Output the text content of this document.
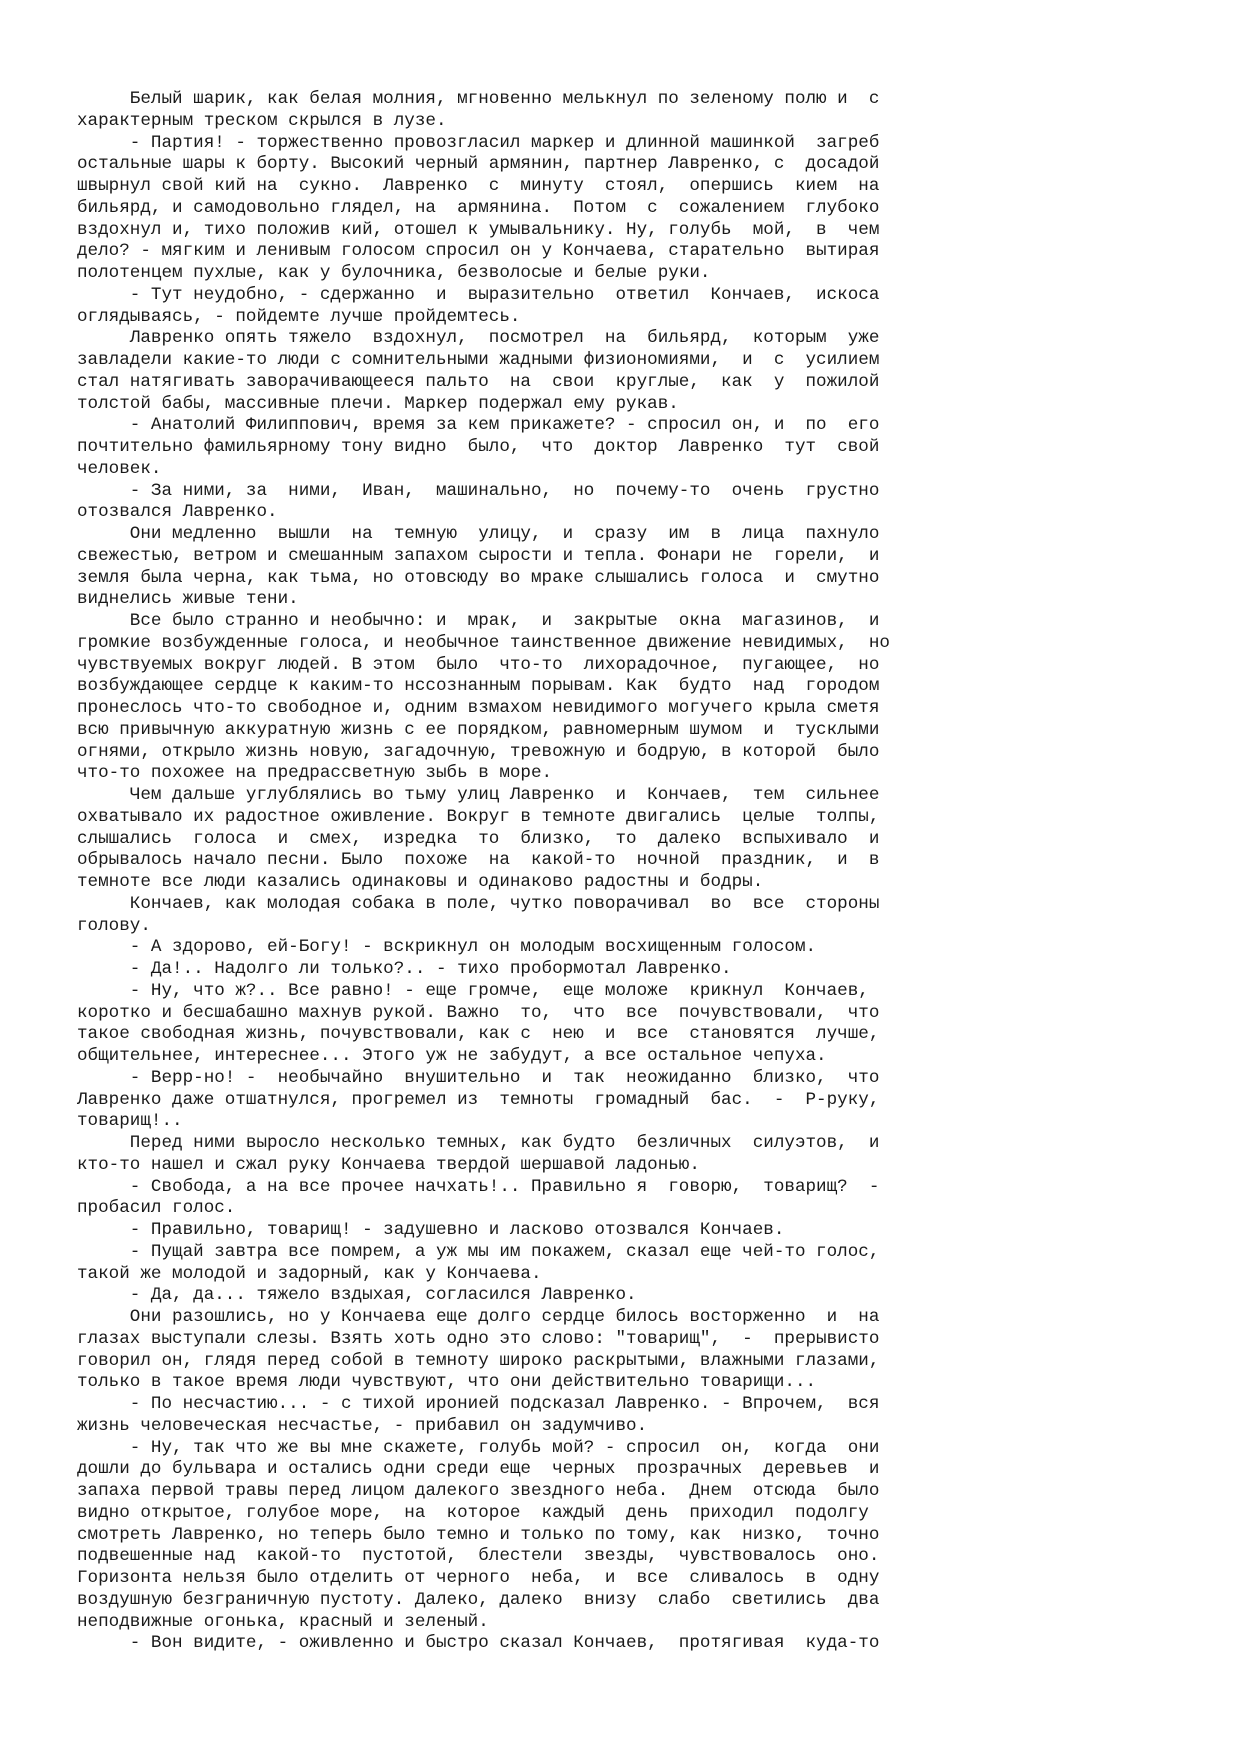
Белый шарик, как белая молния, мгновенно мелькнул по зеленому полю и  с
характерным треском скрылся в лузе.
- Партия! - торжественно провозгласил маркер и длинной машинкой  загреб
остальные шары к борту. Высокий черный армянин, партнер Лавренко, с  досадой
швырнул свой кий на  сукно.  Лавренко  с  минуту  стоял,  опершись  кием  на
бильярд, и самодовольно глядел, на  армянина.  Потом  с  сожалением  глубоко
вздохнул и, тихо положив кий, отошел к умывальнику. Ну, голубь  мой,  в  чем
дело? - мягким и ленивым голосом спросил он у Кончаева, старательно  вытирая
полотенцем пухлые, как у булочника, безволосые и белые руки.
- Тут неудобно, - сдержанно  и  выразительно  ответил  Кончаев,  искоса
оглядываясь, - пойдемте лучше пройдемтесь.
Лавренко опять тяжело  вздохнул,  посмотрел  на  бильярд,  которым  уже
завладели какие-то люди с сомнительными жадными физиономиями,  и  с  усилием
стал натягивать заворачивающееся пальто  на  свои  круглые,  как  у  пожилой
толстой бабы, массивные плечи. Маркер подержал ему рукав.
- Анатолий Филиппович, время за кем прикажете? - спросил он, и  по  его
почтительно фамильярному тону видно  было,  что  доктор  Лавренко  тут  свой
человек.
- За ними, за  ними,  Иван,  машинально,  но  почему-то  очень  грустно
отозвался Лавренко.
Они медленно  вышли  на  темную  улицу,  и  сразу  им  в  лица  пахнуло
свежестью, ветром и смешанным запахом сырости и тепла. Фонари не  горели,  и
земля была черна, как тьма, но отовсюду во мраке слышались голоса  и  смутно
виднелись живые тени.
Все было странно и необычно: и  мрак,  и  закрытые  окна  магазинов,  и
громкие возбужденные голоса, и необычное таинственное движение невидимых,  но
чувствуемых вокруг людей. В этом  было  что-то  лихорадочное,  пугающее,  но
возбуждающее сердце к каким-то нссознанным порывам. Как  будто  над  городом
пронеслось что-то свободное и, одним взмахом невидимого могучего крыла сметя
всю привычную аккуратную жизнь с ее порядком, равномерным шумом  и  тусклыми
огнями, открыло жизнь новую, загадочную, тревожную и бодрую, в которой  было
что-то похожее на предрассветную зыбь в море.
Чем дальше углублялись во тьму улиц Лавренко  и  Кончаев,  тем  сильнее
охватывало их радостное оживление. Вокруг в темноте двигались  целые  толпы,
слышались  голоса  и  смех,  изредка  то  близко,  то  далеко  вспыхивало  и
обрывалось начало песни. Было  похоже  на  какой-то  ночной  праздник,  и  в
темноте все люди казались одинаковы и одинаково радостны и бодры.
Кончаев, как молодая собака в поле, чутко поворачивал  во  все  стороны
голову.
- А здорово, ей-Богу! - вскрикнул он молодым восхищенным голосом.
- Да!.. Надолго ли только?.. - тихо пробормотал Лавренко.
- Ну, что ж?.. Все равно! - еще громче,  еще моложе  крикнул  Кончаев,
коротко и бесшабашно махнув рукой. Важно  то,  что  все  почувствовали,  что
такое свободная жизнь, почувствовали, как с  нею  и  все  становятся  лучше,
общительнее, интереснее... Этого уж не забудут, а все остальное чепуха.
- Верр-но! -  необычайно  внушительно  и  так  неожиданно  близко,  что
Лавренко даже отшатнулся, прогремел из  темноты  громадный  бас.  -  Р-руку,
товарищ!..
Перед ними выросло несколько темных, как будто  безличных  силуэтов,  и
кто-то нашел и сжал руку Кончаева твердой шершавой ладонью.
- Свобода, а на все прочее начхать!.. Правильно я  говорю,  товарищ?  -
пробасил голос.
- Правильно, товарищ! - задушевно и ласково отозвался Кончаев.
- Пущай завтра все помрем, а уж мы им покажем, сказал еще чей-то голос,
такой же молодой и задорный, как у Кончаева.
- Да, да... тяжело вздыхая, согласился Лавренко.
Они разошлись, но у Кончаева еще долго сердце билось восторженно  и  на
глазах выступали слезы. Взять хоть одно это слово: "товарищ",  -  прерывисто
говорил он, глядя перед собой в темноту широко раскрытыми, влажными глазами,
только в такое время люди чувствуют, что они действительно товарищи...
- По несчастию... - с тихой иронией подсказал Лавренко. - Впрочем,  вся
жизнь человеческая несчастье, - прибавил он задумчиво.
- Ну, так что же вы мне скажете, голубь мой? - спросил  он,  когда  они
дошли до бульвара и остались одни среди еще  черных  прозрачных  деревьев  и
запаха первой травы перед лицом далекого звездного неба.  Днем  отсюда  было
видно открытое, голубое море,  на  которое  каждый  день  приходил  подолгу
смотреть Лавренко, но теперь было темно и только по тому, как  низко,  точно
подвешенные над  какой-то  пустотой,  блестели  звезды,  чувствовалось  оно.
Горизонта нельзя было отделить от черного  неба,  и  все  сливалось  в  одну
воздушную безграничную пустоту. Далеко, далеко  внизу  слабо  светились  два
неподвижные огонька, красный и зеленый.
- Вон видите, - оживленно и быстро сказал Кончаев,  протягивая  куда-то
